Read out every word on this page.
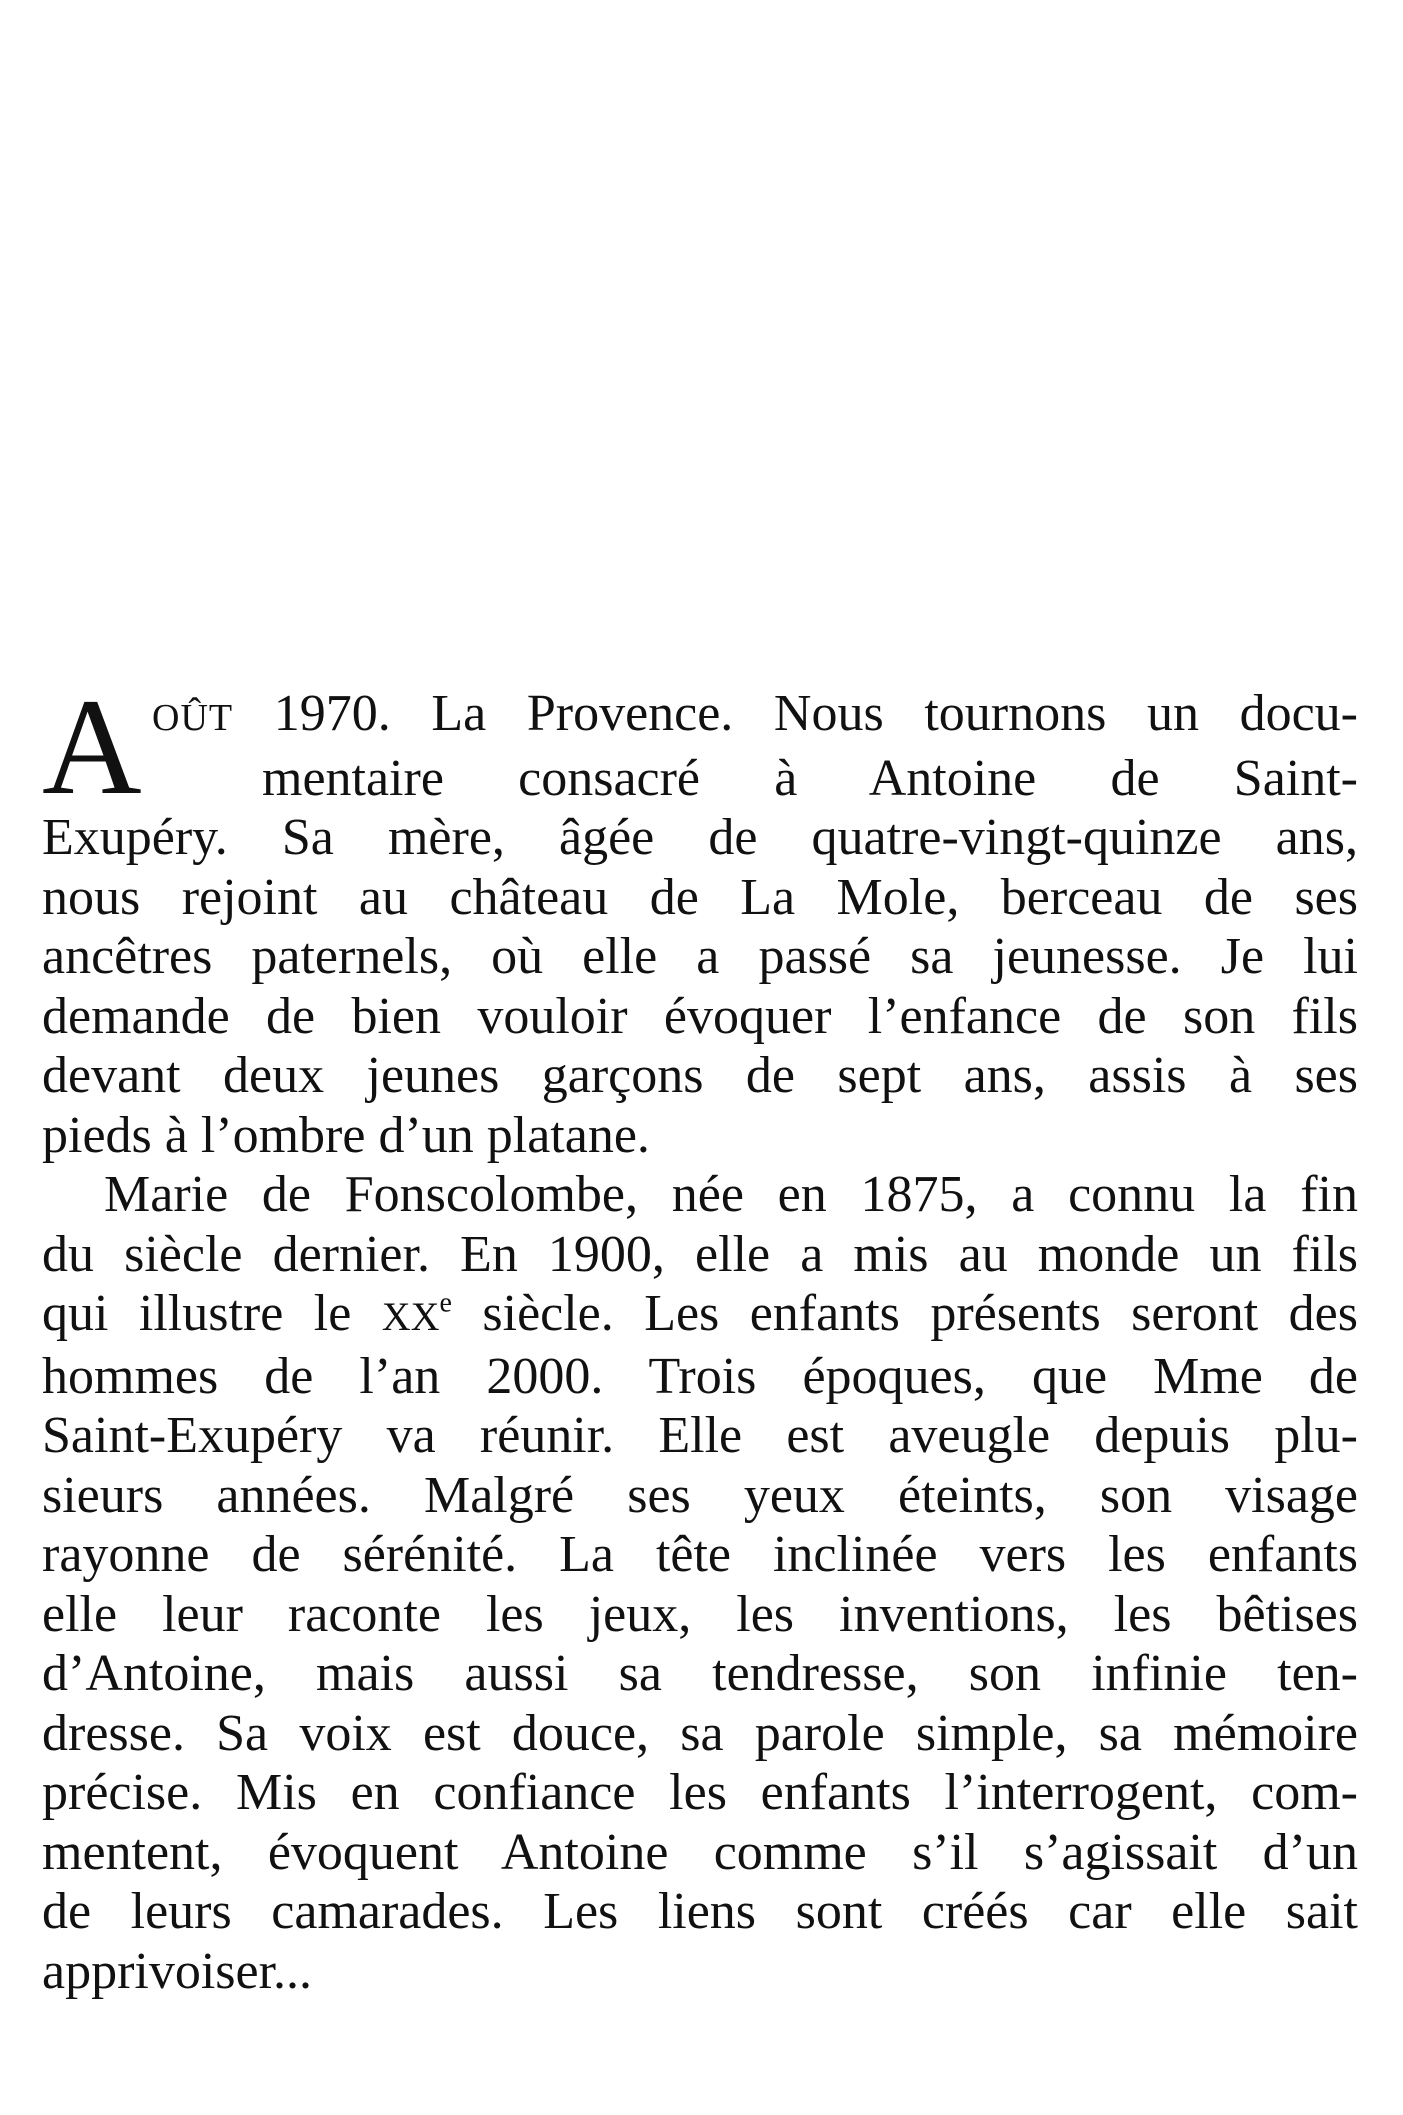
A OÛT 1970. La Provence. Nous tournons un docu-
mentaire consacré à Antoine de Saint-
Exupéry. Sa mère, âgée de quatre-vingt-quinze ans,
nous rejoint au château de La Mole, berceau de ses
ancêtres paternels, où elle a passé sa jeunesse. Je lui
demande de bien vouloir évoquer l’enfance de son fils
devant deux jeunes garçons de sept ans, assis à ses
pieds à l’ombre d’un platane.
Marie de Fonscolombe, née en 1875, a connu la fin
du siècle dernier. En 1900, elle a mis au monde un fils
qui illustre le XXe siècle. Les enfants présents seront des
hommes de l’an 2000. Trois époques, que Mme de
Saint-Exupéry va réunir. Elle est aveugle depuis plu-
sieurs années. Malgré ses yeux éteints, son visage
rayonne de sérénité. La tête inclinée vers les enfants
elle leur raconte les jeux, les inventions, les bêtises
d’Antoine, mais aussi sa tendresse, son infinie ten-
dresse. Sa voix est douce, sa parole simple, sa mémoire
précise. Mis en confiance les enfants l’interrogent, com-
mentent, évoquent Antoine comme s’il s’agissait d’un
de leurs camarades. Les liens sont créés car elle sait
apprivoiser...
